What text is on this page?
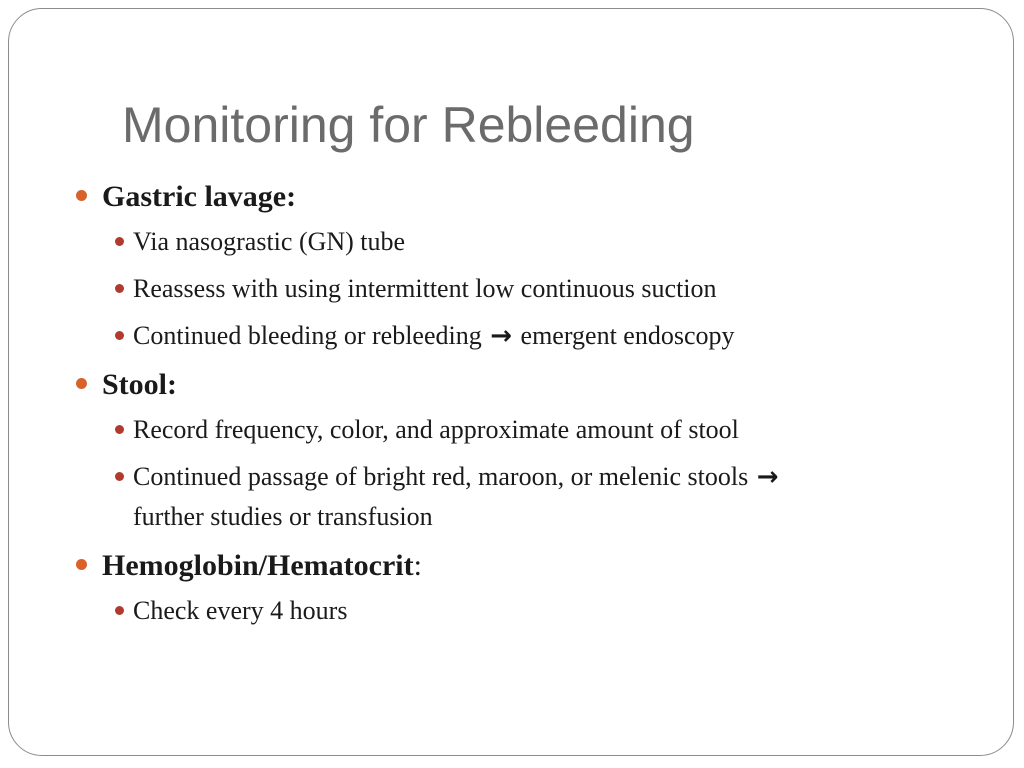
Monitoring for Rebleeding
Gastric lavage:
Via nasograstic (GN) tube
Reassess with using intermittent low continuous suction
Continued bleeding or rebleeding → emergent endoscopy
Stool:
Record frequency, color, and approximate amount of stool
Continued passage of bright red, maroon, or melenic stools →
further studies or transfusion
Hemoglobin/Hematocrit:
Check every 4 hours
